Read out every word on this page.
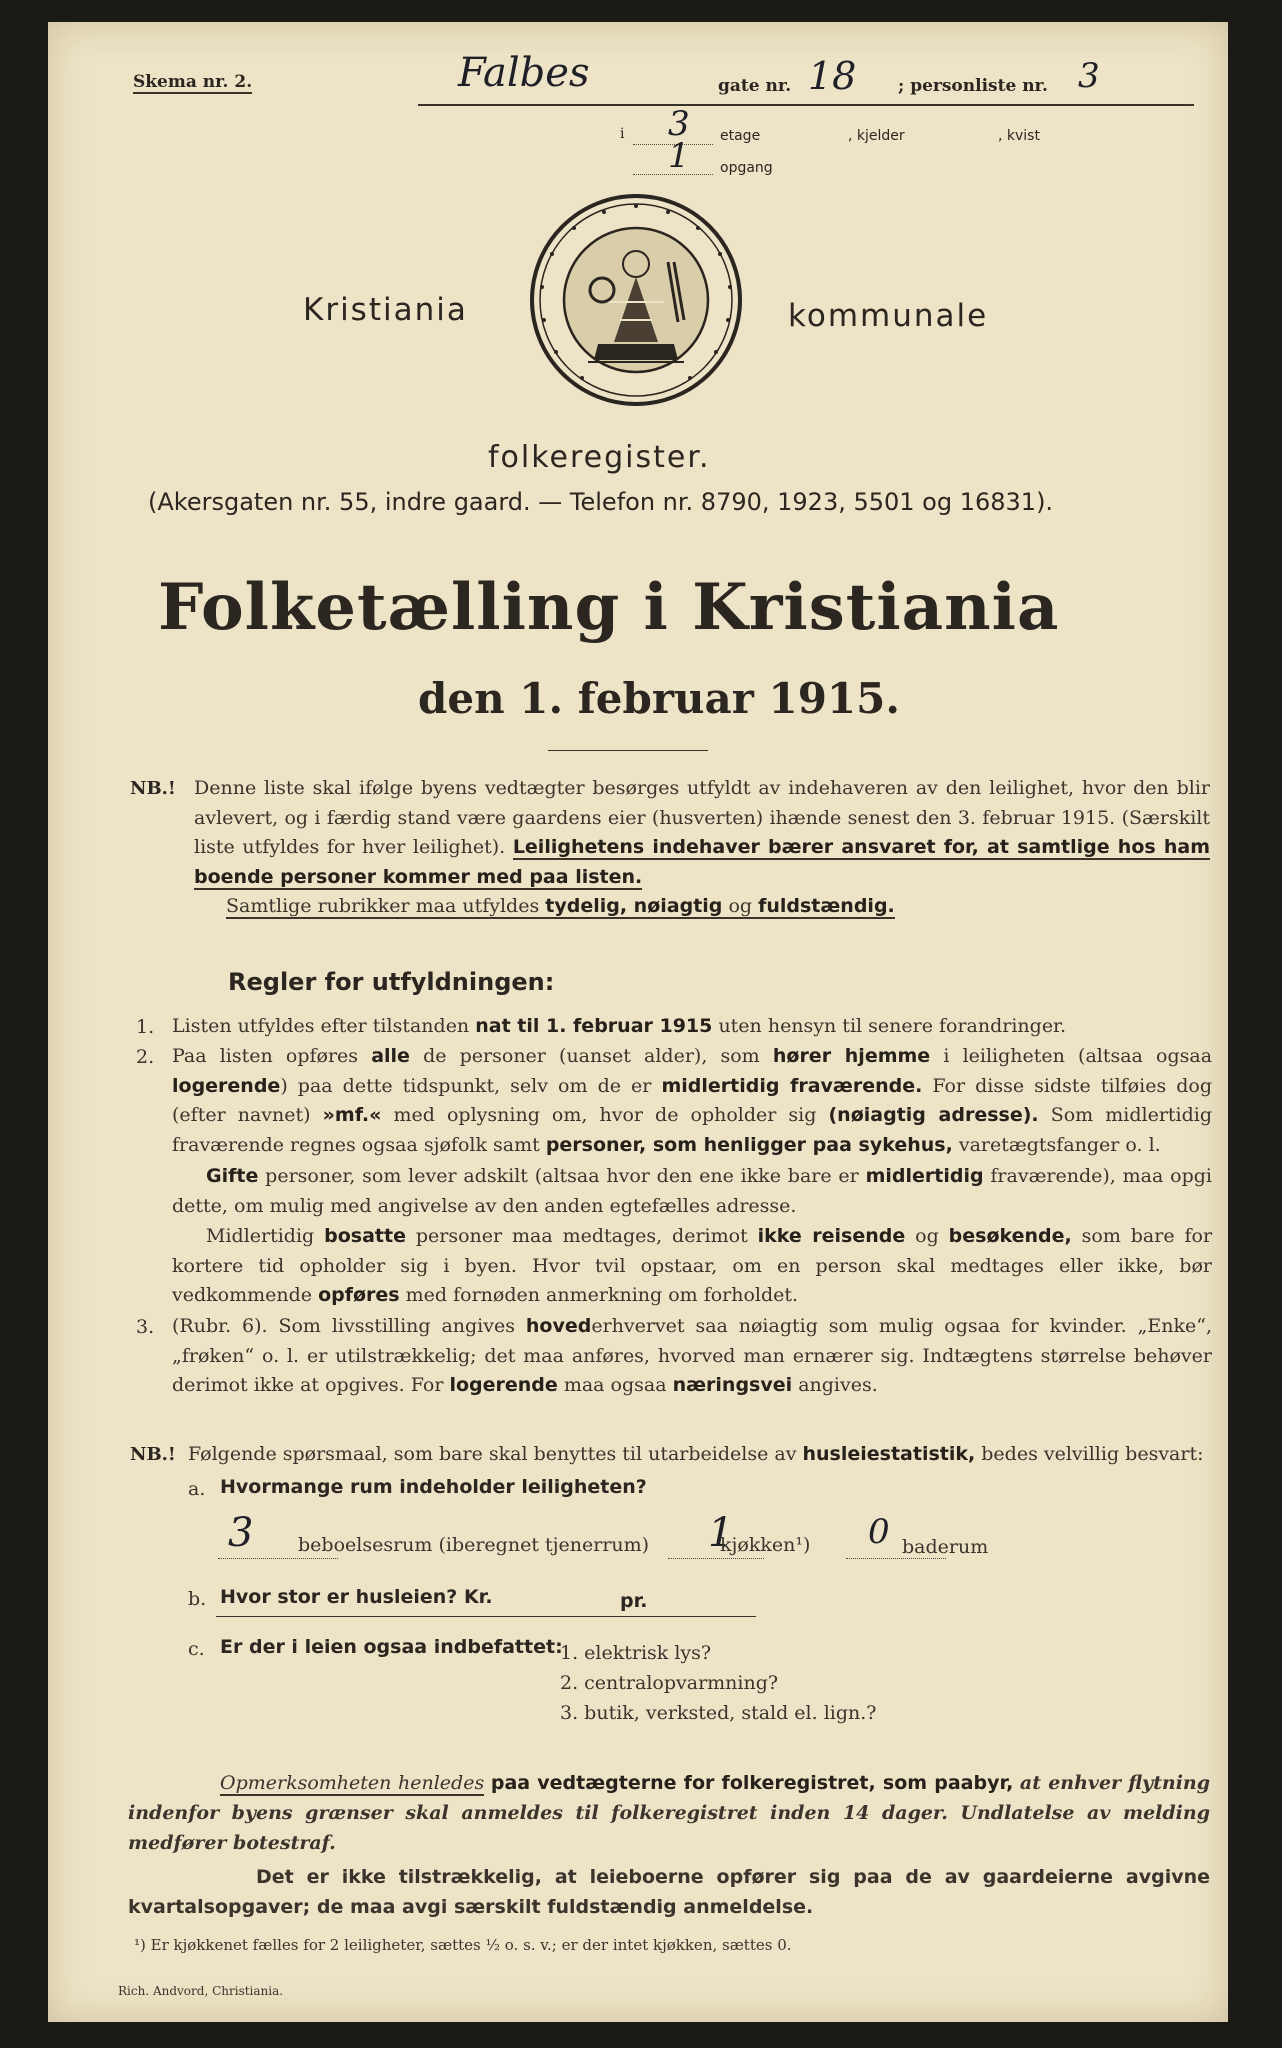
Skema nr. 2.	Falbes	gate nr. 18 ; personliste nr. 3
i 3 etage	, kjelder	, kvist
1 opgang
Kristiania	kommunale
folkeregister.
(Akersgaten nr. 55, indre gaard. — Telefon nr. 8790, 1923, 5501 og 16831).
Folketælling i Kristiania
den 1. februar 1915.
NB.! Denne liste skal ifølge byens vedtægter besørges utfyldt av indehaveren av den leilighet, hvor den blir avlevert, og i færdig stand være gaardens eier (husverten) ihænde senest den 3. februar 1915. (Særskilt liste utfyldes for hver leilighet). Leilighetens indehaver bærer ansvaret for, at samtlige hos ham boende personer kommer med paa listen.
Samtlige rubrikker maa utfyldes tydelig, nøiagtig og fuldstændig.
Regler for utfyldningen:
1. Listen utfyldes efter tilstanden nat til 1. februar 1915 uten hensyn til senere forandringer.
2. Paa listen opføres alle de personer (uanset alder), som hører hjemme i leiligheten (altsaa ogsaa logerende) paa dette tidspunkt, selv om de er midlertidig fraværende. For disse sidste tilføies dog (efter navnet) »mf.« med oplysning om, hvor de opholder sig (nøiagtig adresse). Som midlertidig fraværende regnes ogsaa sjøfolk samt personer, som henligger paa sykehus, varetægtsfanger o. l.
Gifte personer, som lever adskilt (altsaa hvor den ene ikke bare er midlertidig fraværende), maa opgi dette, om mulig med angivelse av den anden egtefælles adresse.
Midlertidig bosatte personer maa medtages, derimot ikke reisende og besøkende, som bare for kortere tid opholder sig i byen. Hvor tvil opstaar, om en person skal medtages eller ikke, bør vedkommende opføres med fornøden anmerkning om forholdet.
3. (Rubr. 6). Som livsstilling angives hovederhvervet saa nøiagtig som mulig ogsaa for kvinder. „Enke“, „frøken“ o. l. er utilstrækkelig; det maa anføres, hvorved man ernærer sig. Indtægtens størrelse behøver derimot ikke at opgives. For logerende maa ogsaa næringsvei angives.
NB.! Følgende spørsmaal, som bare skal benyttes til utarbeidelse av husleiestatistik, bedes velvillig besvart:
a. Hvormange rum indeholder leiligheten?
3 beboelsesrum (iberegnet tjenerrum) 1
kjøkken¹) 0 baderum
b. Hvor stor er husleien? Kr.	pr.
c. Er der i leien ogsaa indbefattet:
1. elektrisk lys?
2. centralopvarmning?
3. butik, verksted, stald el. lign.?
Opmerksomheten henledes paa vedtægterne for folkeregistret, som paabyr, at enhver flytning indenfor byens grænser skal anmeldes til folkeregistret inden 14 dager. Undlatelse av melding medfører botestraf.
Det er ikke tilstrækkelig, at leieboerne opfører sig paa de av gaardeierne avgivne kvartalsopgaver; de maa avgi særskilt fuldstændig anmeldelse.
¹) Er kjøkkenet fælles for 2 leiligheter, sættes ½ o. s. v.; er der intet kjøkken, sættes 0.
Rich. Andvord, Christiania.
